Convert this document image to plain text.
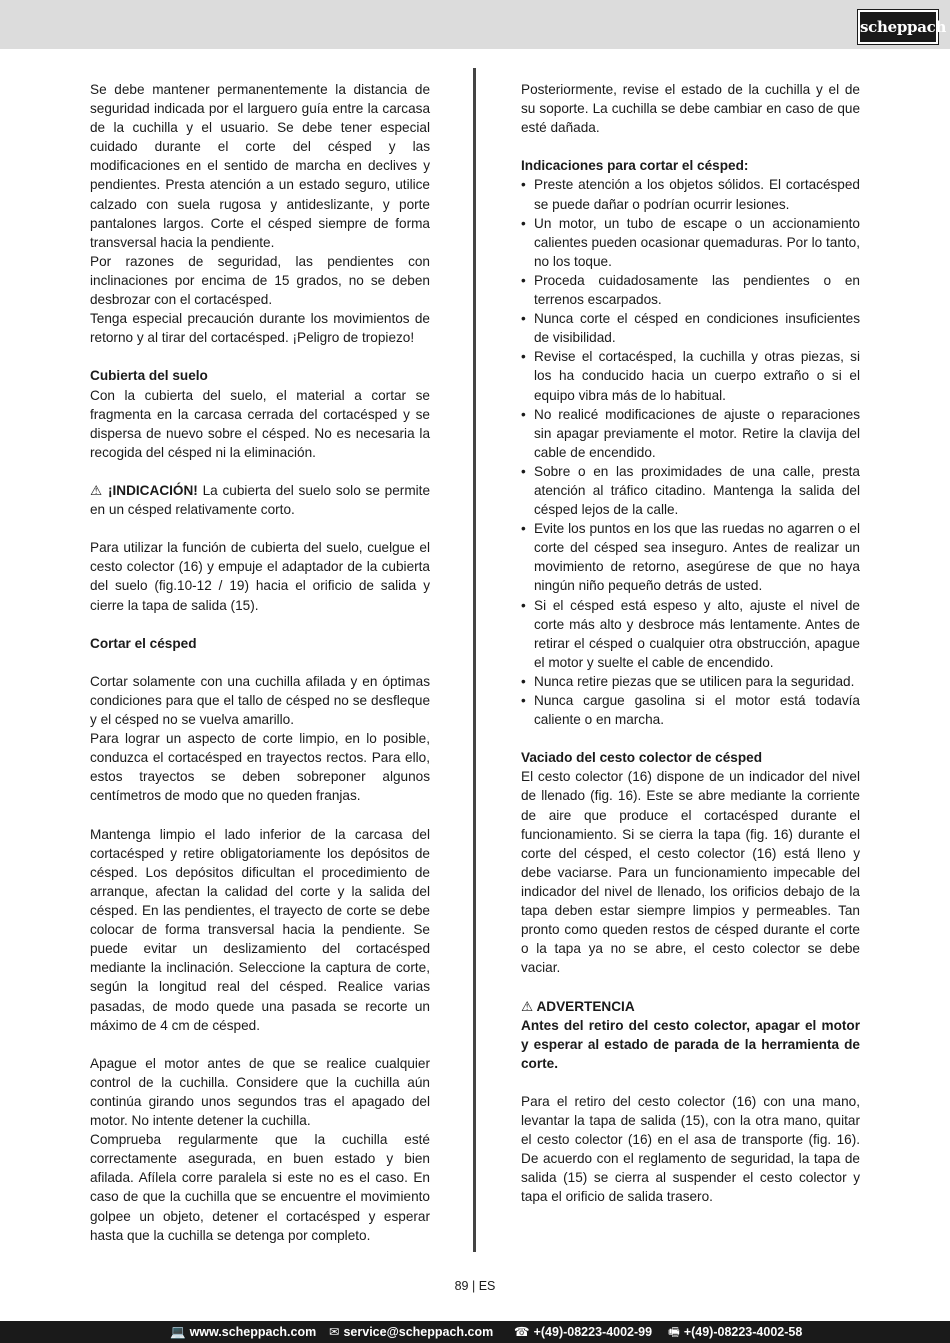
scheppach

Se debe mantener permanentemente la distancia de seguridad indicada por el larguero guía entre la carcasa de la cuchilla y el usuario. Se debe tener especial cuidado durante el corte del césped y las modificaciones en el sentido de marcha en declives y pendientes. Presta atención a un estado seguro, utilice calzado con suela rugosa y antideslizante, y porte pantalones largos. Corte el césped siempre de forma transversal hacia la pendiente.

Por razones de seguridad, las pendientes con inclinaciones por encima de 15 grados, no se deben desbrozar con el cortacésped.

Tenga especial precaución durante los movimientos de retorno y al tirar del cortacésped. ¡Peligro de tropiezo!

Cubierta del suelo

Con la cubierta del suelo, el material a cortar se fragmenta en la carcasa cerrada del cortacésped y se dispersa de nuevo sobre el césped. No es necesaria la recogida del césped ni la eliminación.

⚠ ¡INDICACIÓN! La cubierta del suelo solo se permite en un césped relativamente corto.

Para utilizar la función de cubierta del suelo, cuelgue el cesto colector (16) y empuje el adaptador de la cubierta del suelo (fig.10-12 / 19) hacia el orificio de salida y cierre la tapa de salida (15).

Cortar el césped

Cortar solamente con una cuchilla afilada y en óptimas condiciones para que el tallo de césped no se desfleque y el césped no se vuelva amarillo.

Para lograr un aspecto de corte limpio, en lo posible, conduzca el cortacésped en trayectos rectos. Para ello, estos trayectos se deben sobreponer algunos centímetros de modo que no queden franjas.

Mantenga limpio el lado inferior de la carcasa del cortacésped y retire obligatoriamente los depósitos de césped. Los depósitos dificultan el procedimiento de arranque, afectan la calidad del corte y la salida del césped. En las pendientes, el trayecto de corte se debe colocar de forma transversal hacia la pendiente. Se puede evitar un deslizamiento del cortacésped mediante la inclinación. Seleccione la captura de corte, según la longitud real del césped. Realice varias pasadas, de modo quede una pasada se recorte un máximo de 4 cm de césped.

Apague el motor antes de que se realice cualquier control de la cuchilla. Considere que la cuchilla aún continúa girando unos segundos tras el apagado del motor. No intente detener la cuchilla.

Comprueba regularmente que la cuchilla esté correctamente asegurada, en buen estado y bien afilada. Afílela corre paralela si este no es el caso. En caso de que la cuchilla que se encuentre el movimiento golpee un objeto, detener el cortacésped y esperar hasta que la cuchilla se detenga por completo.

Posteriormente, revise el estado de la cuchilla y el de su soporte. La cuchilla se debe cambiar en caso de que esté dañada.

Indicaciones para cortar el césped:

• Preste atención a los objetos sólidos. El cortacésped se puede dañar o podrían ocurrir lesiones.
• Un motor, un tubo de escape o un accionamiento calientes pueden ocasionar quemaduras. Por lo tanto, no los toque.
• Proceda cuidadosamente las pendientes o en terrenos escarpados.
• Nunca corte el césped en condiciones insuficientes de visibilidad.
• Revise el cortacésped, la cuchilla y otras piezas, si los ha conducido hacia un cuerpo extraño o si el equipo vibra más de lo habitual.
• No realicé modificaciones de ajuste o reparaciones sin apagar previamente el motor. Retire la clavija del cable de encendido.
• Sobre o en las proximidades de una calle, presta atención al tráfico citadino. Mantenga la salida del césped lejos de la calle.
• Evite los puntos en los que las ruedas no agarren o el corte del césped sea inseguro. Antes de realizar un movimiento de retorno, asegúrese de que no haya ningún niño pequeño detrás de usted.
• Si el césped está espeso y alto, ajuste el nivel de corte más alto y desbroce más lentamente. Antes de retirar el césped o cualquier otra obstrucción, apague el motor y suelte el cable de encendido.
• Nunca retire piezas que se utilicen para la seguridad.
• Nunca cargue gasolina si el motor está todavía caliente o en marcha.

Vaciado del cesto colector de césped

El cesto colector (16) dispone de un indicador del nivel de llenado (fig. 16). Este se abre mediante la corriente de aire que produce el cortacésped durante el funcionamiento. Si se cierra la tapa (fig. 16) durante el corte del césped, el cesto colector (16) está lleno y debe vaciarse. Para un funcionamiento impecable del indicador del nivel de llenado, los orificios debajo de la tapa deben estar siempre limpios y permeables. Tan pronto como queden restos de césped durante el corte o la tapa ya no se abre, el cesto colector se debe vaciar.

⚠ ADVERTENCIA

Antes del retiro del cesto colector, apagar el motor y esperar al estado de parada de la herramienta de corte.

Para el retiro del cesto colector (16) con una mano, levantar la tapa de salida (15), con la otra mano, quitar el cesto colector (16) en el asa de transporte (fig. 16). De acuerdo con el reglamento de seguridad, la tapa de salida (15) se cierra al suspender el cesto colector y tapa el orificio de salida trasero.

89 | ES
💻 www.scheppach.com ✉ service@scheppach.com ☎ +(49)-08223-4002-99 🖷 +(49)-08223-4002-58
